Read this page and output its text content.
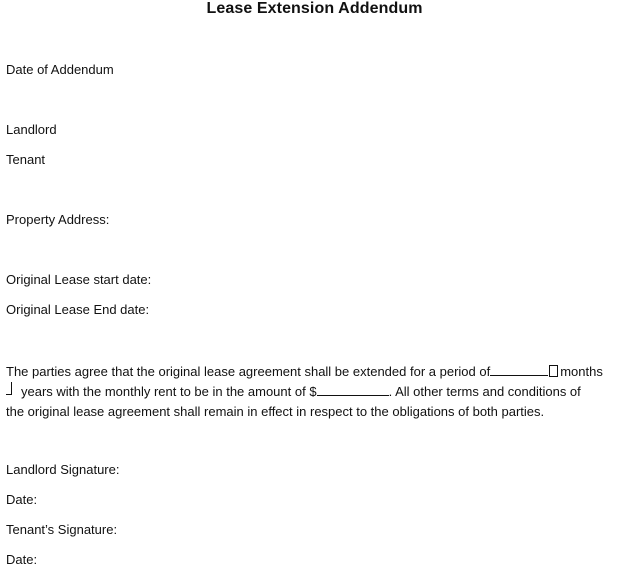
Lease Extension Addendum
Date of Addendum
Landlord
Tenant
Property Address:
Original Lease start date:
Original Lease End date:
The parties agree that the original lease agreement shall be extended for a period of	months
years with the monthly rent to be in the amount of $	. All other terms and conditions of
the original lease agreement shall remain in effect in respect to the obligations of both parties.
Landlord Signature:
Date:
Tenant’s Signature:
Date:
